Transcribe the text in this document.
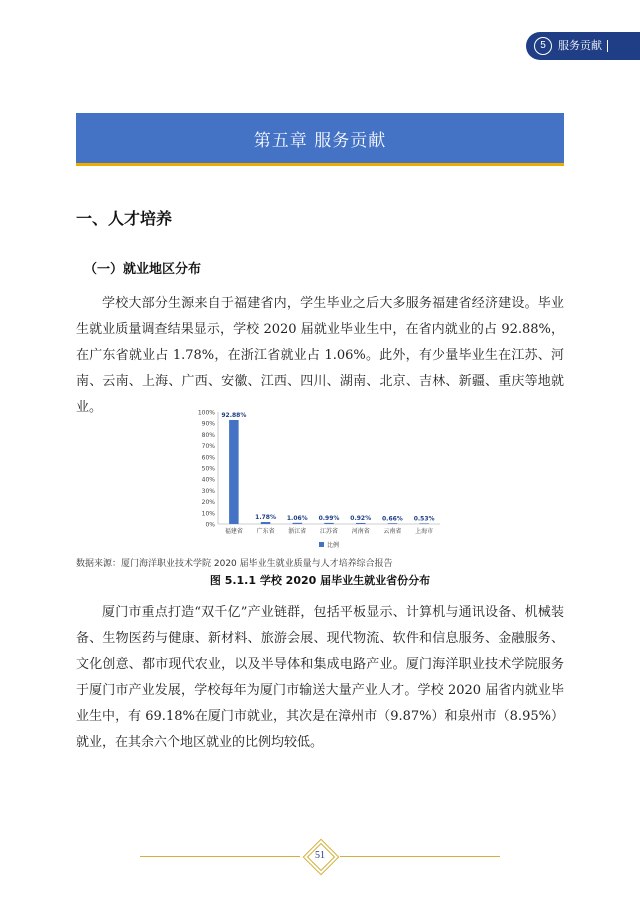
5	服务贡献
第五章 服务贡献
一、人才培养
（一）就业地区分布

学校大部分生源来自于福建省内，学生毕业之后大多服务福建省经济建设。毕业生就业质量调查结果显示，学校 2020 届就业毕业生中，在省内就业的占 92.88%，在广东省就业占 1.78%，在浙江省就业占 1.06%。此外，有少量毕业生在江苏、河南、云南、上海、广西、安徽、江西、四川、湖南、北京、吉林、新疆、重庆等地就业。

0%
10%
20%
30%
40%
50%
60%
70%
80%
90%
100% 92.88%
福建省
1.78%
广东省
1.06%
浙江省
0.99%
江苏省
0.92%
河南省
0.66%
云南省
0.53%
上海市
比例
数据来源：厦门海洋职业技术学院 2020 届毕业生就业质量与人才培养综合报告
图 5.1.1 学校 2020 届毕业生就业省份分布

厦门市重点打造“双千亿”产业链群，包括平板显示、计算机与通讯设备、机械装备、生物医药与健康、新材料、旅游会展、现代物流、软件和信息服务、金融服务、文化创意、都市现代农业，以及半导体和集成电路产业。厦门海洋职业技术学院服务于厦门市产业发展，学校每年为厦门市输送大量产业人才。学校 2020 届省内就业毕业生中，有 69.18%在厦门市就业，其次是在漳州市（9.87%）和泉州市（8.95%）就业，在其余六个地区就业的比例均较低。

51
